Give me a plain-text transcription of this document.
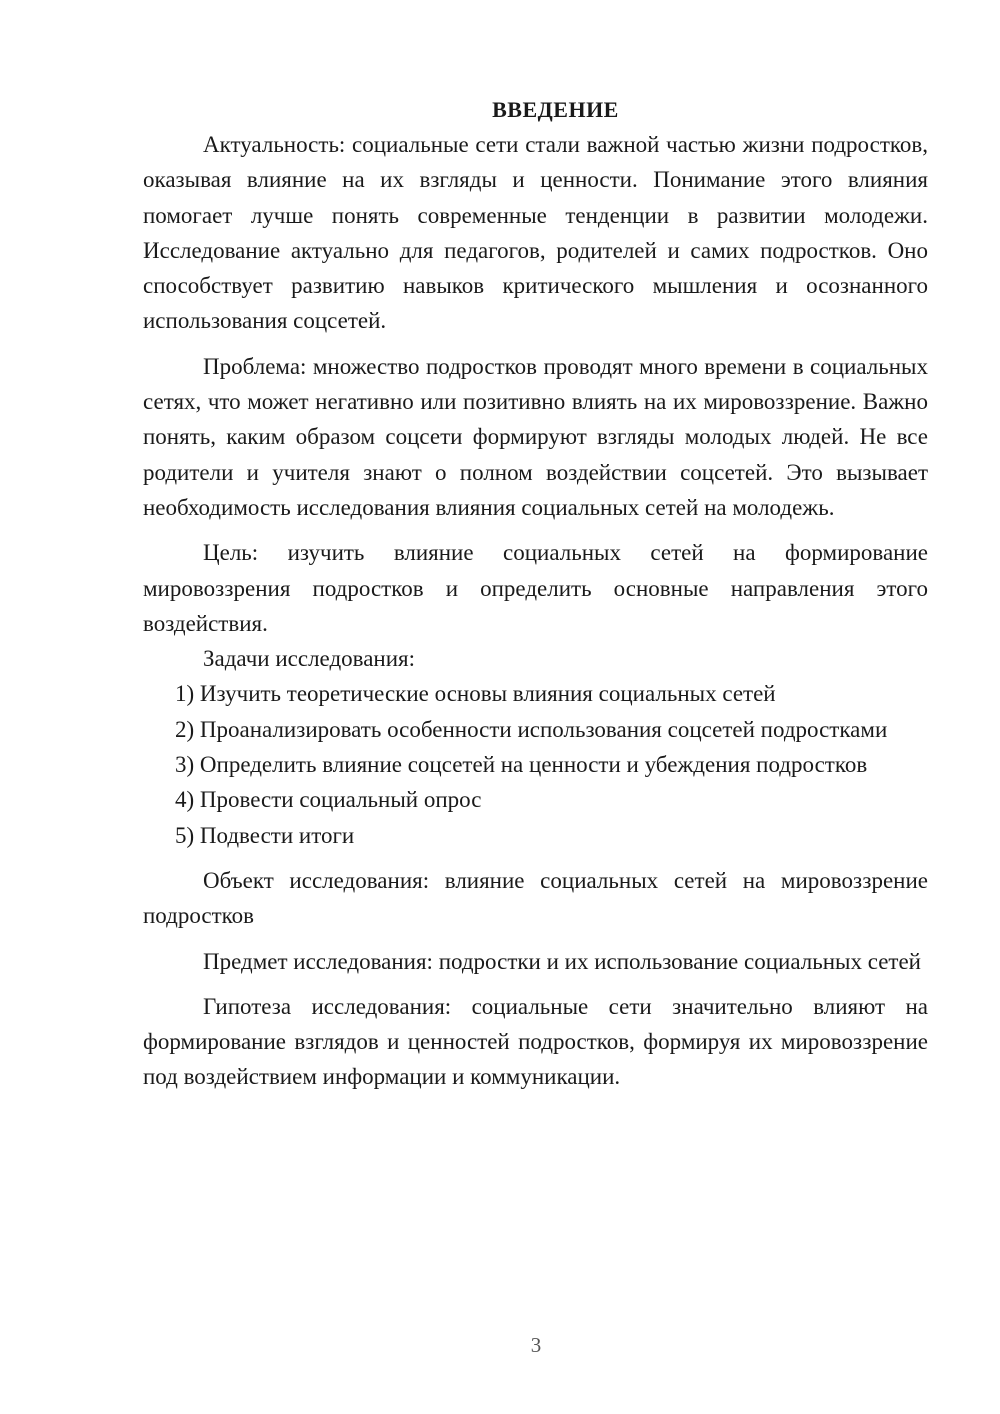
ВВЕДЕНИЕ

Актуальность: социальные сети стали важной частью жизни подростков, оказывая влияние на их взгляды и ценности. Понимание этого влияния помогает лучше понять современные тенденции в развитии молодежи. Исследование актуально для педагогов, родителей и самих подростков. Оно способствует развитию навыков критического мышления и осознанного использования соцсетей.

Проблема: множество подростков проводят много времени в социальных сетях, что может негативно или позитивно влиять на их мировоззрение. Важно понять, каким образом соцсети формируют взгляды молодых людей. Не все родители и учителя знают о полном воздействии соцсетей. Это вызывает необходимость исследования влияния социальных сетей на молодежь.

Цель: изучить влияние социальных сетей на формирование мировоззрения подростков и определить основные направления этого воздействия.

Задачи исследования:

1) Изучить теоретические основы влияния социальных сетей

2) Проанализировать особенности использования соцсетей подростками

3) Определить влияние соцсетей на ценности и убеждения подростков

4) Провести социальный опрос

5) Подвести итоги

Объект исследования: влияние социальных сетей на мировоззрение подростков

Предмет исследования: подростки и их использование социальных сетей

Гипотеза исследования: социальные сети значительно влияют на формирование взглядов и ценностей подростков, формируя их мировоззрение под воздействием информации и коммуникации.

3
